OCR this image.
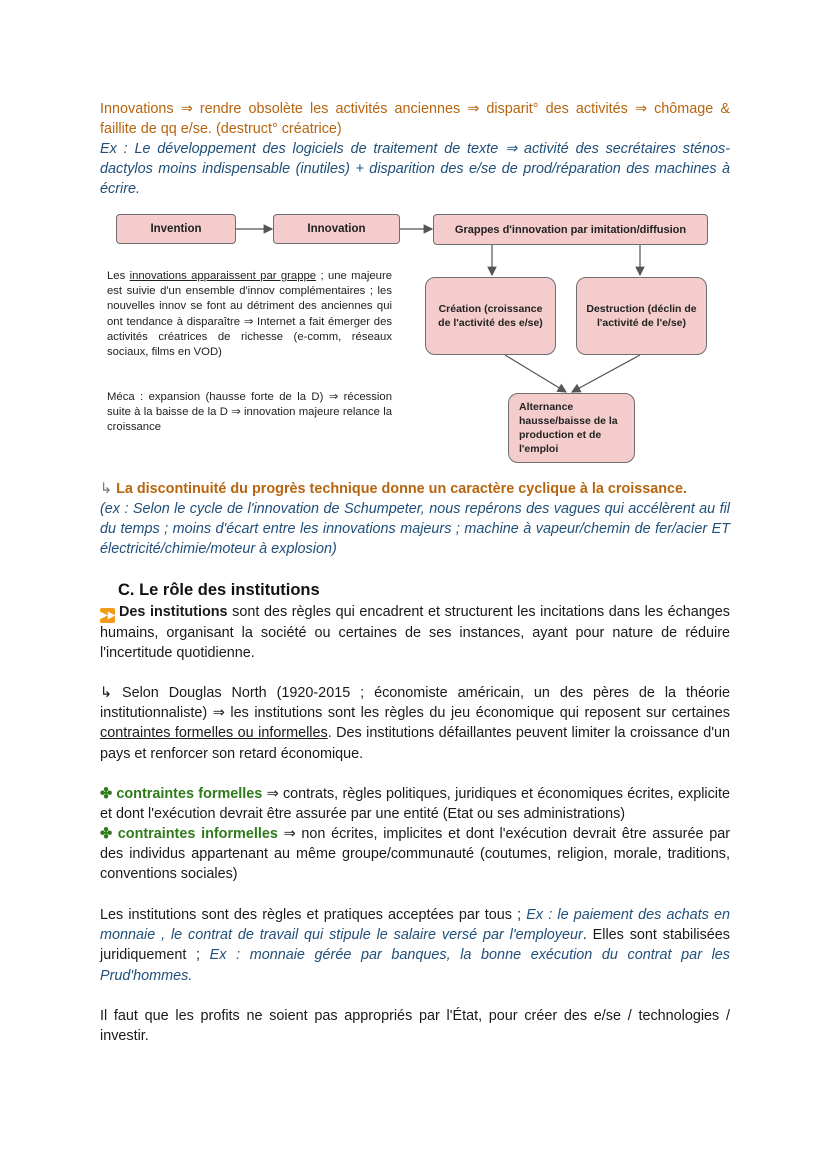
Innovations ⇒ rendre obsolète les activités anciennes ⇒ disparit° des activités ⇒ chômage & faillite de qq e/se. (destruct° créatrice)
Ex : Le développement des logiciels de traitement de texte ⇒ activité des secrétaires sténos-dactylos moins indispensable (inutiles) + disparition des e/se de prod/réparation des machines à écrire.
Invention	Innovation	Grappes d'innovation par imitation/diffusion
Création (croissance de l'activité des e/se)
Destruction (déclin de l'activité de l'e/se)
Alternance hausse/baisse de la production et de l'emploi
Les innovations apparaissent par grappe ; une majeure est suivie d'un ensemble d'innov complémentaires ; les nouvelles innov se font au détriment des anciennes qui ont tendance à disparaître ⇒ Internet a fait émerger des activités créatrices de richesse (e-comm, réseaux sociaux, films en VOD)
Méca : expansion (hausse forte de la D) ⇒ récession suite à la baisse de la D ⇒ innovation majeure relance la croissance
↳ La discontinuité du progrès technique donne un caractère cyclique à la croissance.
(ex : Selon le cycle de l'innovation de Schumpeter, nous repérons des vagues qui accélèrent au fil du temps ; moins d'écart entre les innovations majeurs ; machine à vapeur/chemin de fer/acier ET électricité/chimie/moteur à explosion)
C. Le rôle des institutions
▶▶ Des institutions sont des règles qui encadrent et structurent les incitations dans les échanges humains, organisant la société ou certaines de ses instances, ayant pour nature de réduire l'incertitude quotidienne.
↳ Selon Douglas North (1920-2015 ; économiste américain, un des pères de la théorie institutionnaliste) ⇒ les institutions sont les règles du jeu économique qui reposent sur certaines contraintes formelles ou informelles. Des institutions défaillantes peuvent limiter la croissance d'un pays et renforcer son retard économique.
✤ contraintes formelles ⇒ contrats, règles politiques, juridiques et économiques écrites, explicite et dont l'exécution devrait être assurée par une entité (Etat ou ses administrations)
✤ contraintes informelles ⇒ non écrites, implicites et dont l'exécution devrait être assurée par des individus appartenant au même groupe/communauté (coutumes, religion, morale, traditions, conventions sociales)
Les institutions sont des règles et pratiques acceptées par tous ; Ex : le paiement des achats en monnaie , le contrat de travail qui stipule le salaire versé par l'employeur. Elles sont stabilisées juridiquement ; Ex : monnaie gérée par banques, la bonne exécution du contrat par les Prud'hommes.
Il faut que les profits ne soient pas appropriés par l'État, pour créer des e/se / technologies / investir.
